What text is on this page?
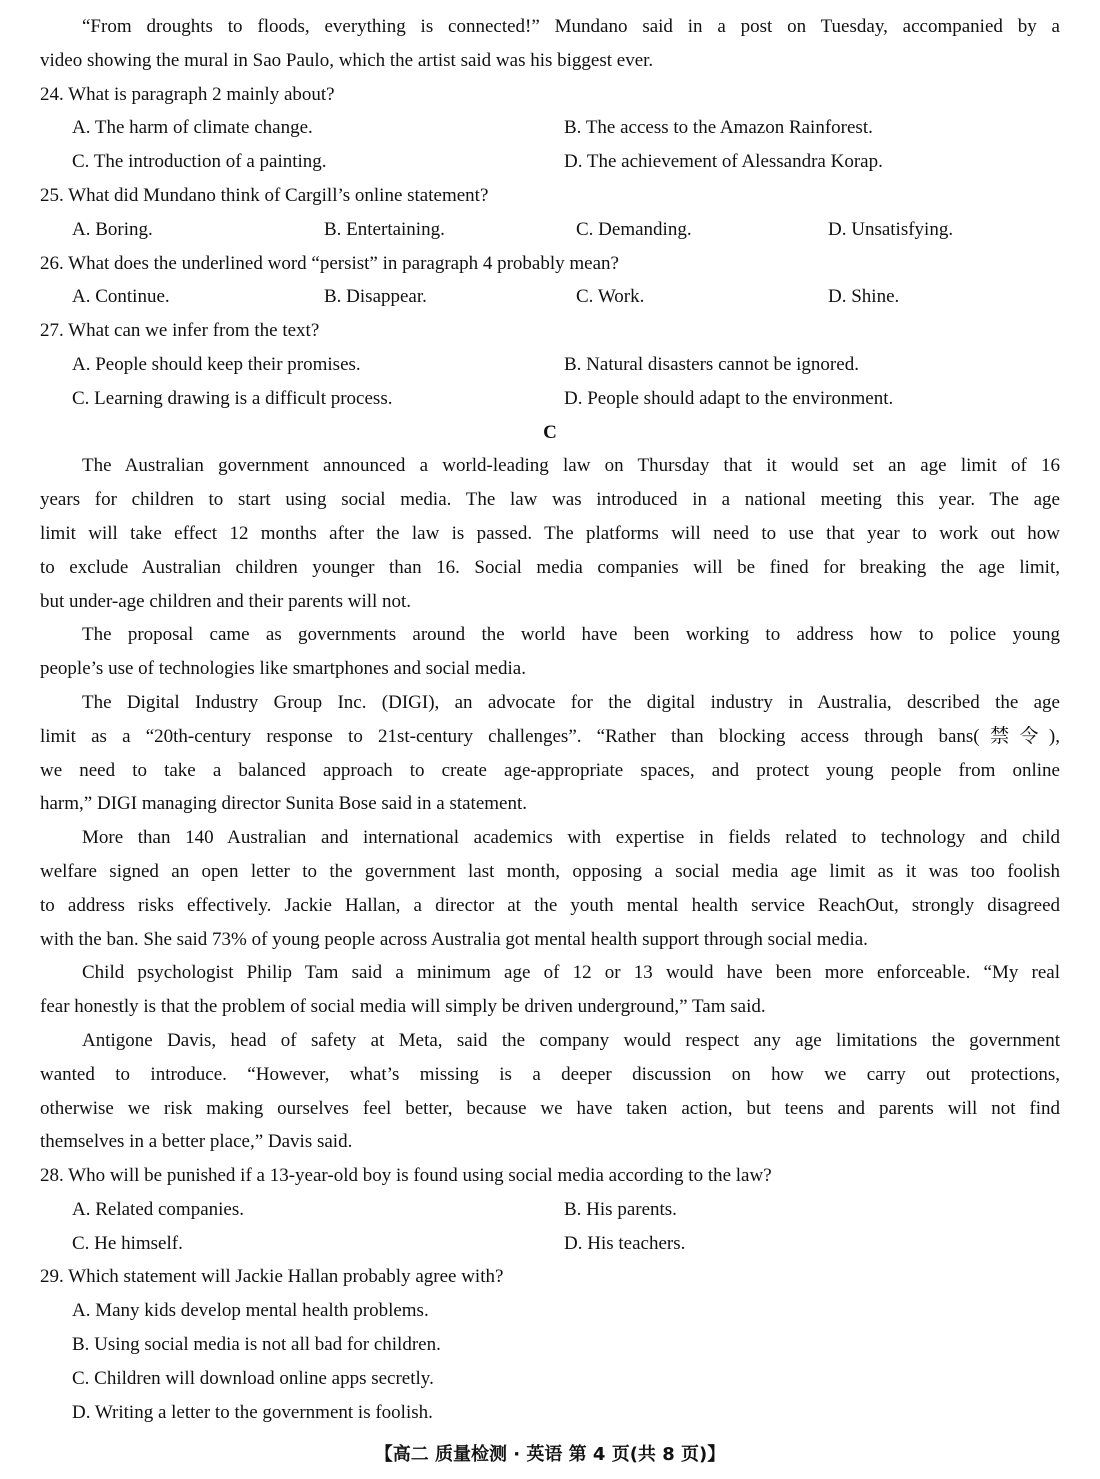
“From droughts to floods, everything is connected!” Mundano said in a post on Tuesday, accompanied by a
video showing the mural in Sao Paulo, which the artist said was his biggest ever.
24. What is paragraph 2 mainly about?
A. The harm of climate change.	B. The access to the Amazon Rainforest.
C. The introduction of a painting.	D. The achievement of Alessandra Korap.
25. What did Mundano think of Cargill’s online statement?
A. Boring.	B. Entertaining.	C. Demanding.	D. Unsatisfying.
26. What does the underlined word “persist” in paragraph 4 probably mean?
A. Continue.	B. Disappear.	C. Work.	D. Shine.
27. What can we infer from the text?
A. People should keep their promises.	B. Natural disasters cannot be ignored.
C. Learning drawing is a difficult process.	D. People should adapt to the environment.
C
The Australian government announced a world-leading law on Thursday that it would set an age limit of 16
years for children to start using social media. The law was introduced in a national meeting this year. The age
limit will take effect 12 months after the law is passed. The platforms will need to use that year to work out how
to exclude Australian children younger than 16. Social media companies will be fined for breaking the age limit,
but under-age children and their parents will not.
The proposal came as governments around the world have been working to address how to police young
people’s use of technologies like smartphones and social media.
The Digital Industry Group Inc. (DIGI), an advocate for the digital industry in Australia, described the age
limit as a “20th-century response to 21st-century challenges”. “Rather than blocking access through bans(禁令),
we need to take a balanced approach to create age-appropriate spaces, and protect young people from online
harm,” DIGI managing director Sunita Bose said in a statement.
More than 140 Australian and international academics with expertise in fields related to technology and child
welfare signed an open letter to the government last month, opposing a social media age limit as it was too foolish
to address risks effectively. Jackie Hallan, a director at the youth mental health service ReachOut, strongly disagreed
with the ban. She said 73% of young people across Australia got mental health support through social media.
Child psychologist Philip Tam said a minimum age of 12 or 13 would have been more enforceable. “My real
fear honestly is that the problem of social media will simply be driven underground,” Tam said.
Antigone Davis, head of safety at Meta, said the company would respect any age limitations the government
wanted to introduce. “However, what’s missing is a deeper discussion on how we carry out protections,
otherwise we risk making ourselves feel better, because we have taken action, but teens and parents will not find
themselves in a better place,” Davis said.
28. Who will be punished if a 13-year-old boy is found using social media according to the law?
A. Related companies.	B. His parents.
C. He himself.	D. His teachers.
29. Which statement will Jackie Hallan probably agree with?
A. Many kids develop mental health problems.
B. Using social media is not all bad for children.
C. Children will download online apps secretly.
D. Writing a letter to the government is foolish.
【高二 质量检测 · 英语 第 4 页(共 8 页)】
